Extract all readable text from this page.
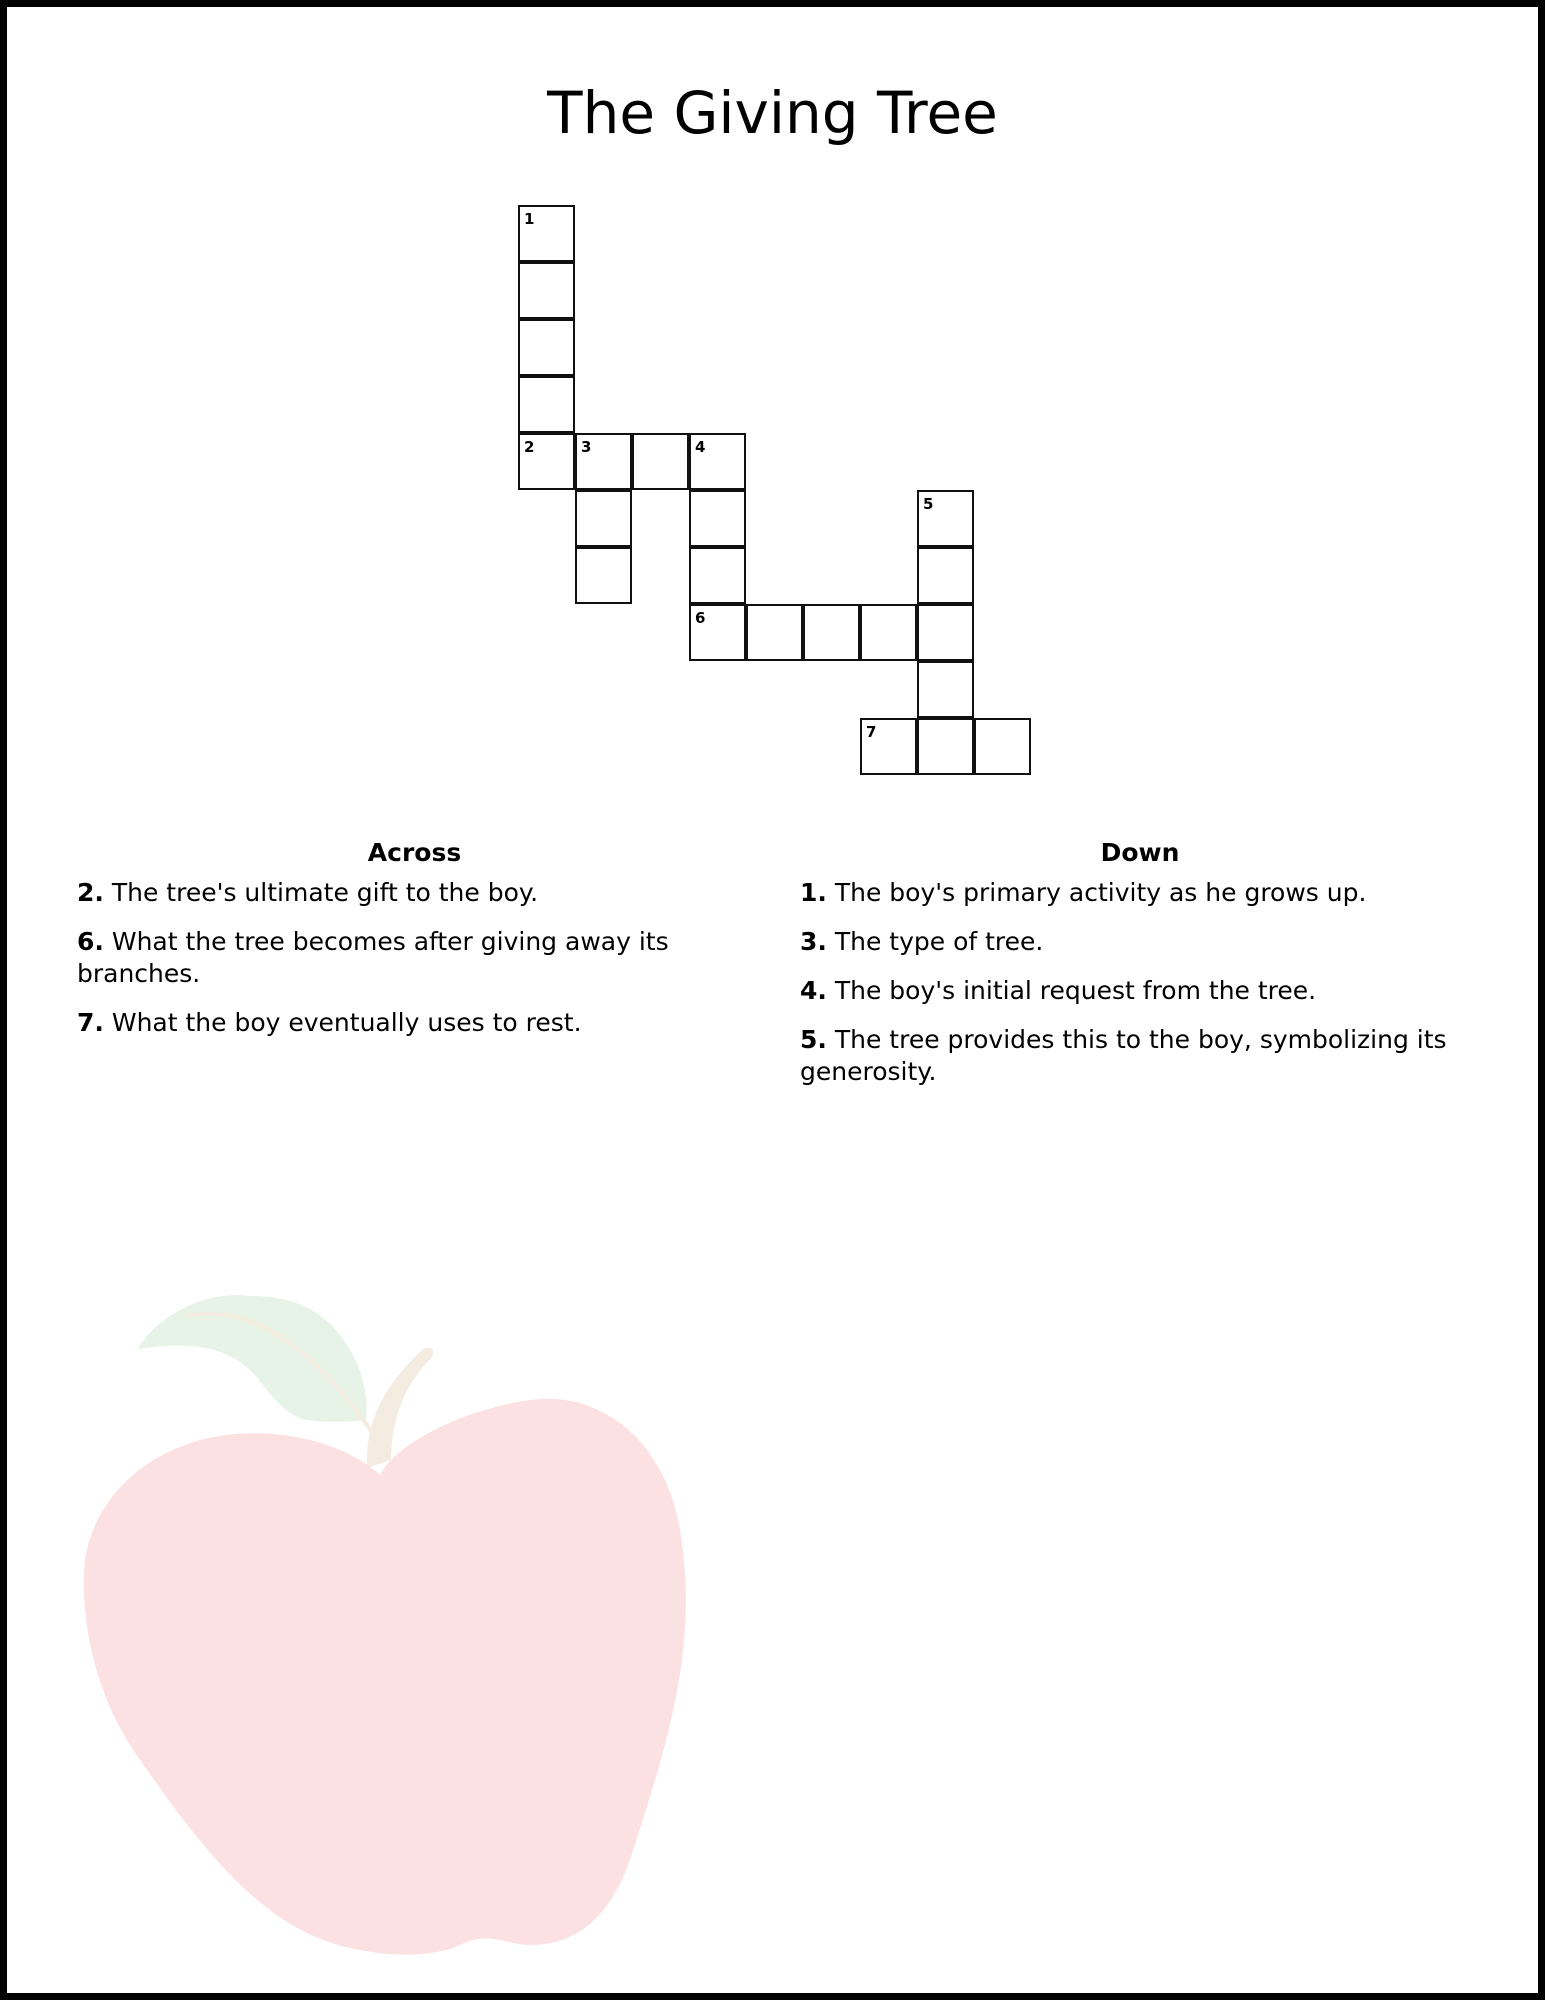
The Giving Tree
1
2	3	4
5
6
7
Across

2. The tree's ultimate gift to the boy.

6. What the tree becomes after giving away its branches.

7. What the boy eventually uses to rest.

Down

1. The boy's primary activity as he grows up.

3. The type of tree.

4. The boy's initial request from the tree.

5. The tree provides this to the boy, symbolizing its generosity.
